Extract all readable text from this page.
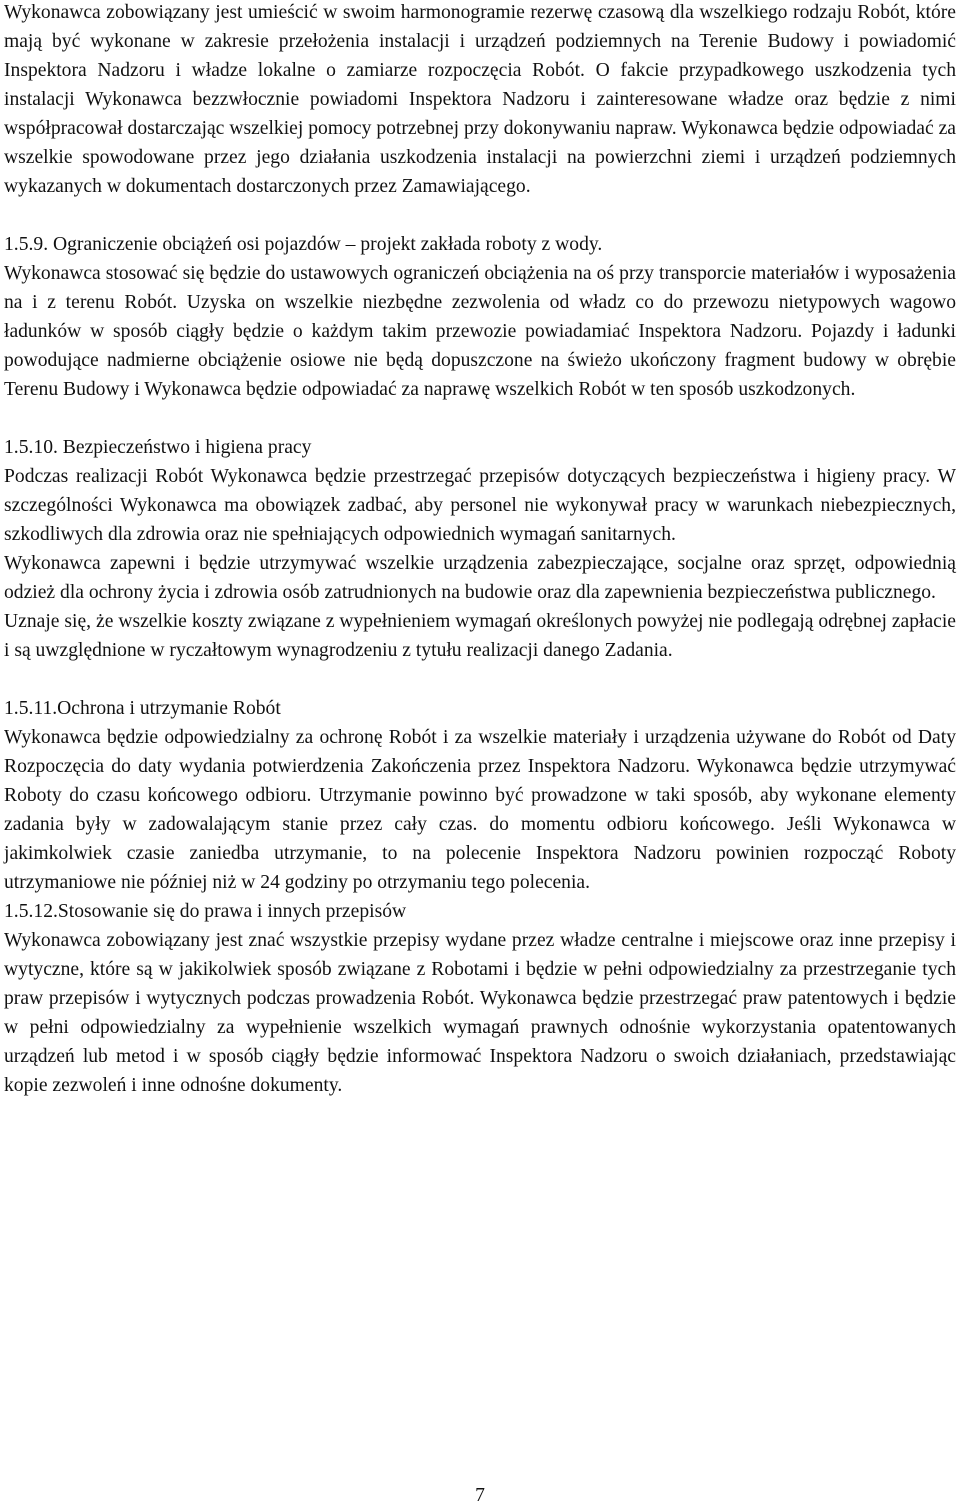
Wykonawca zobowiązany jest umieścić w swoim harmonogramie rezerwę czasową dla wszelkiego rodzaju Robót, które mają być wykonane w zakresie przełożenia instalacji i urządzeń podziemnych na Terenie Budowy i powiadomić Inspektora Nadzoru i władze lokalne o zamiarze rozpoczęcia Robót. O fakcie przypadkowego uszkodzenia tych instalacji Wykonawca bezzwłocznie powiadomi Inspektora Nadzoru i zainteresowane władze oraz będzie z nimi współpracował dostarczając wszelkiej pomocy potrzebnej przy dokonywaniu napraw. Wykonawca będzie odpowiadać za wszelkie spowodowane przez jego działania uszkodzenia instalacji na powierzchni ziemi i urządzeń podziemnych wykazanych w dokumentach dostarczonych przez Zamawiającego.

1.5.9. Ograniczenie obciążeń osi pojazdów – projekt zakłada roboty z wody.

Wykonawca stosować się będzie do ustawowych ograniczeń obciążenia na oś przy transporcie materiałów i wyposażenia na i z terenu Robót. Uzyska on wszelkie niezbędne zezwolenia od władz co do przewozu nietypowych wagowo ładunków w sposób ciągły będzie o każdym takim przewozie powiadamiać Inspektora Nadzoru. Pojazdy i ładunki powodujące nadmierne obciążenie osiowe nie będą dopuszczone na świeżo ukończony fragment budowy w obrębie Terenu Budowy i Wykonawca będzie odpowiadać za naprawę wszelkich Robót w ten sposób uszkodzonych.

1.5.10. Bezpieczeństwo i higiena pracy

Podczas realizacji Robót Wykonawca będzie przestrzegać przepisów dotyczących bezpieczeństwa i higieny pracy. W szczególności Wykonawca ma obowiązek zadbać, aby personel nie wykonywał pracy w warunkach niebezpiecznych, szkodliwych dla zdrowia oraz nie spełniających odpowiednich wymagań sanitarnych.

Wykonawca zapewni i będzie utrzymywać wszelkie urządzenia zabezpieczające, socjalne oraz sprzęt, odpowiednią odzież dla ochrony życia i zdrowia osób zatrudnionych na budowie oraz dla zapewnienia bezpieczeństwa publicznego.

Uznaje się, że wszelkie koszty związane z wypełnieniem wymagań określonych powyżej nie podlegają odrębnej zapłacie i są uwzględnione w ryczałtowym wynagrodzeniu z tytułu realizacji danego Zadania.

1.5.11.Ochrona i utrzymanie Robót

Wykonawca będzie odpowiedzialny za ochronę Robót i za wszelkie materiały i urządzenia używane do Robót od Daty Rozpoczęcia do daty wydania potwierdzenia Zakończenia przez Inspektora Nadzoru. Wykonawca będzie utrzymywać Roboty do czasu końcowego odbioru. Utrzymanie powinno być prowadzone w taki sposób, aby wykonane elementy zadania były w zadowalającym stanie przez cały czas. do momentu odbioru końcowego. Jeśli Wykonawca w jakimkolwiek czasie zaniedba utrzymanie, to na polecenie Inspektora Nadzoru powinien rozpocząć Roboty utrzymaniowe nie później niż w 24 godziny po otrzymaniu tego polecenia.

1.5.12.Stosowanie się do prawa i innych przepisów

Wykonawca zobowiązany jest znać wszystkie przepisy wydane przez władze centralne i miejscowe oraz inne przepisy i wytyczne, które są w jakikolwiek sposób związane z Robotami i będzie w pełni odpowiedzialny za przestrzeganie tych praw przepisów i wytycznych podczas prowadzenia Robót. Wykonawca będzie przestrzegać praw patentowych i będzie w pełni odpowiedzialny za wypełnienie wszelkich wymagań prawnych odnośnie wykorzystania opatentowanych urządzeń lub metod i w sposób ciągły będzie informować Inspektora Nadzoru o swoich działaniach, przedstawiając kopie zezwoleń i inne odnośne dokumenty.

7
